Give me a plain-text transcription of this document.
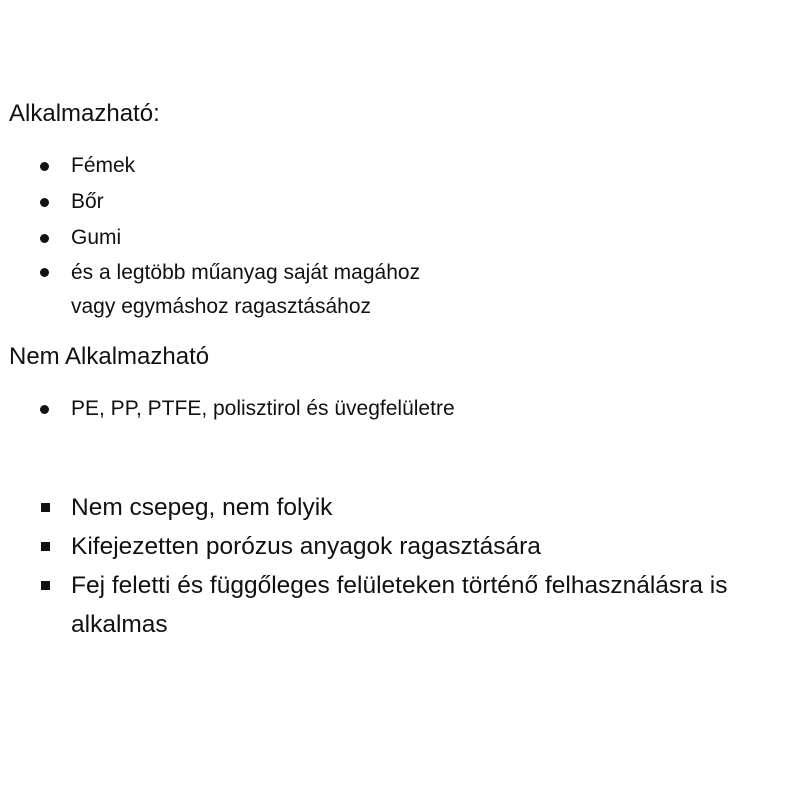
Alkalmazható:
Fémek
Bőr
Gumi
és a legtöbb műanyag saját magához
vagy egymáshoz ragasztásához
Nem Alkalmazható
PE, PP, PTFE, polisztirol és üvegfelületre
Nem csepeg, nem folyik
Kifejezetten porózus anyagok ragasztására
Fej feletti és függőleges felületeken történő felhasználásra is
alkalmas
